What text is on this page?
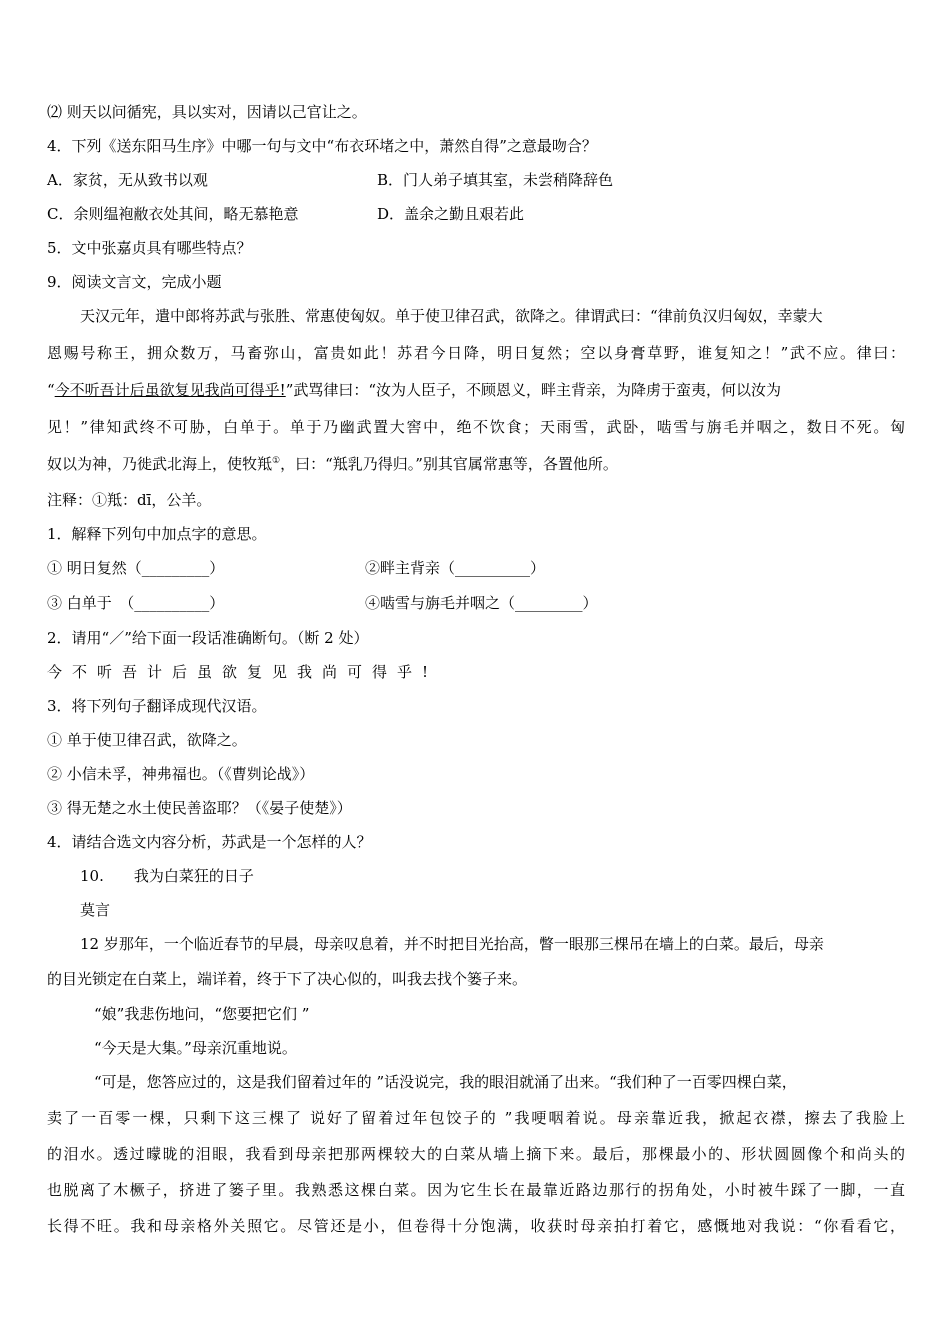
⑵ 则天以问循宪，具以实对，因请以己官让之。
4．下列《送东阳马生序》中哪一句与文中“布衣环堵之中，萧然自得”之意最吻合？
A．家贫，无从致书以观	B．门人弟子填其室，未尝稍降辞色
C．余则缊袍敝衣处其间，略无慕艳意	D．盖余之勤且艰若此
5．文中张嘉贞具有哪些特点？
9．阅读文言文，完成小题
天汉元年，遣中郎将苏武与张胜、常惠使匈奴。单于使卫律召武，欲降之。律谓武曰：“律前负汉归匈奴，幸蒙大
恩赐号称王，拥众数万，马畜弥山，富贵如此！苏君今日降，明日复然；空以身膏草野，谁复知之！”武不应。律曰：
“今不听吾计后虽欲复见我尚可得乎!”武骂律曰：“汝为人臣子，不顾恩义，畔主背亲，为降虏于蛮夷，何以汝为
见！”律知武终不可胁，白单于。单于乃幽武置大窖中，绝不饮食；天雨雪，武卧，啮雪与旃毛并咽之，数日不死。匈
奴以为神，乃徙武北海上，使牧羝①，曰：“羝乳乃得归。”别其官属常惠等，各置他所。
注释：①羝：dī，公羊。
1．解释下列句中加点字的意思。
① 明日复然（_________）	②畔主背亲（__________）
③ 白单于　（__________）	④啮雪与旃毛并咽之（_________）
2．请用“／”给下面一段话准确断句。（断 2 处）
今不听吾计后虽欲复见我尚可得乎!
3．将下列句子翻译成现代汉语。
① 单于使卫律召武，欲降之。
② 小信未孚，神弗福也。（《曹刿论战》）
③ 得无楚之水土使民善盗耶？（《晏子使楚》）
4．请结合选文内容分析，苏武是一个怎样的人？
10.　　我为白菜狂的日子
莫言
12 岁那年，一个临近春节的早晨，母亲叹息着，并不时把目光抬高，瞥一眼那三棵吊在墙上的白菜。最后，母亲
的目光锁定在白菜上，端详着，终于下了决心似的，叫我去找个篓子来。
“娘”我悲伤地问，“您要把它们 ”
“今天是大集。”母亲沉重地说。
“可是，您答应过的，这是我们留着过年的 ”话没说完，我的眼泪就涌了出来。“我们种了一百零四棵白菜，
卖了一百零一棵，只剩下这三棵了 说好了留着过年包饺子的 ”我哽咽着说。母亲靠近我，掀起衣襟，擦去了我脸上
的泪水。透过曚昽的泪眼，我看到母亲把那两棵较大的白菜从墙上摘下来。最后，那棵最小的、形状圆圆像个和尚头的
也脱离了木橛子，挤进了篓子里。我熟悉这棵白菜。因为它生长在最靠近路边那行的拐角处，小时被牛踩了一脚，一直
长得不旺。我和母亲格外关照它。尽管还是小，但卷得十分饱满，收获时母亲拍打着它，感慨地对我说：“你看看它，
